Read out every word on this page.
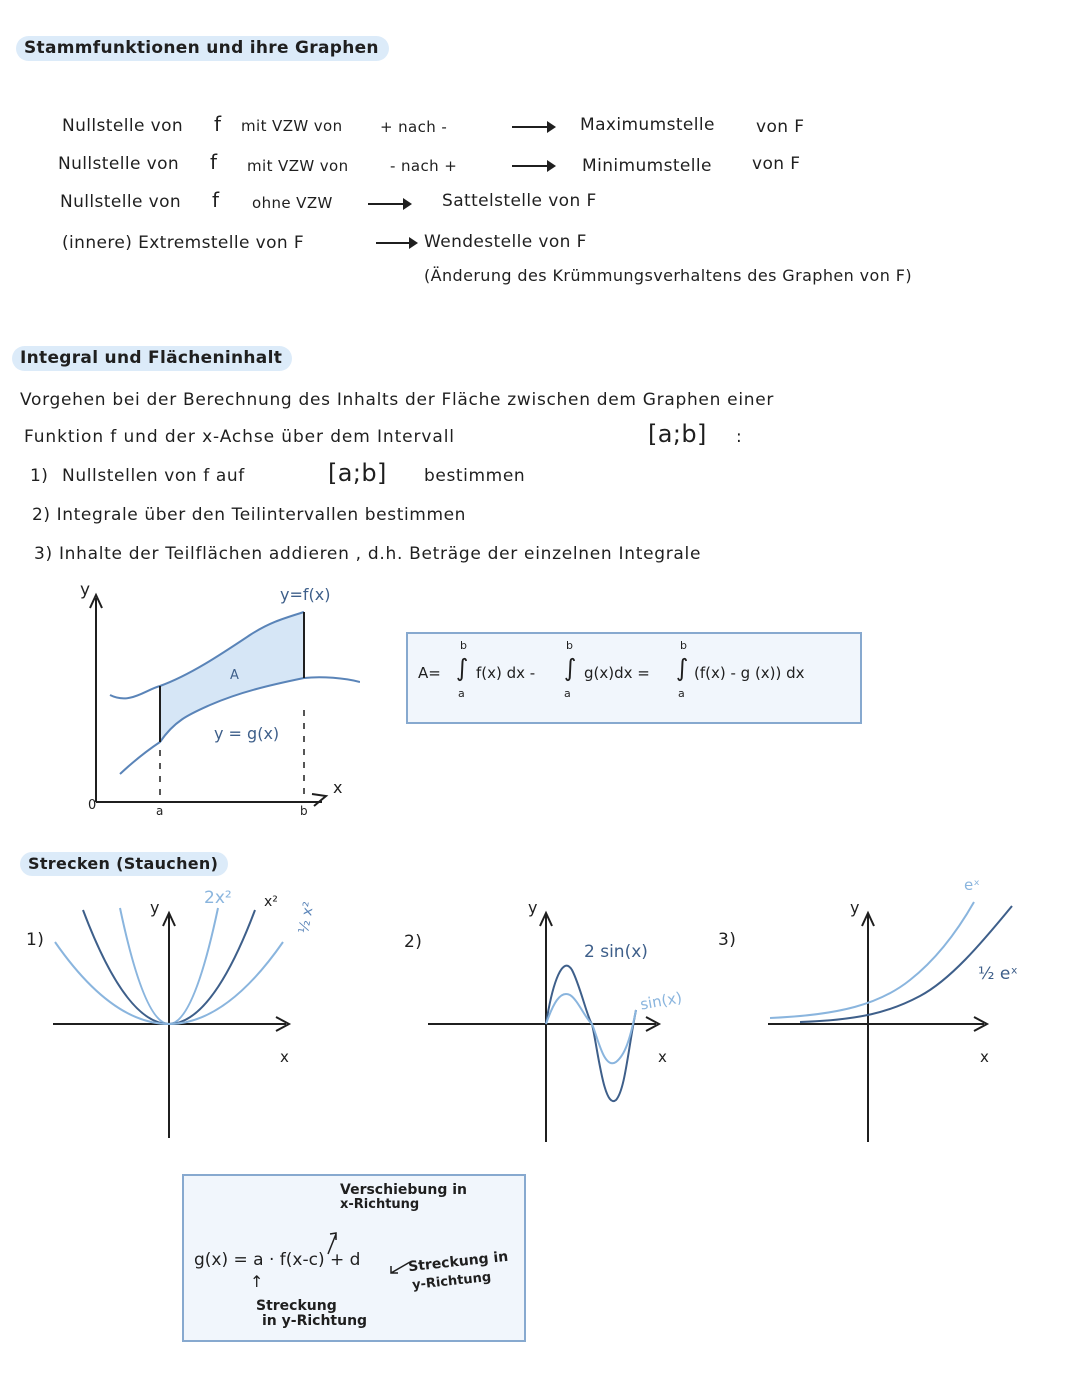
Stammfunktionen und ihre Graphen
Nullstelle von f mit VZW von + nach -	Maximumstelle von F
Nullstelle von f mit VZW von	- nach +	Minimumstelle von F
Nullstelle von f ohne VZW	Sattelstelle von F
(innere) Extremstelle von F	Wendestelle von F
(Änderung des Krümmungsverhaltens des Graphen von F)
Integral und Flächeninhalt
Vorgehen bei der Berechnung des Inhalts der Fläche zwischen dem Graphen einer
Funktion f und der x-Achse über dem Intervall	[a;b] :
1) Nullstellen von f auf	[a;b] bestimmen
2) Integrale über den Teilintervallen bestimmen
3) Inhalte der Teilflächen addieren , d.h. Beträge der einzelnen Integrale
y
x
0
y=f(x)
y = g(x)
A
a	b
A= ∫
b
a
f(x) dx - ∫
b
a
g(x)dx = ∫
b
a
(f(x) - g (x)) dx
Strecken (Stauchen)
1)
y
x
2x² x² ½ x²
2)
y
x
2 sin(x)
sin(x)
3)
y
x
eˣ
½ eˣ
Verschiebung in
x-Richtung
g(x) = a · f(x-c) + d	Streckung in
y-Richtung
↑
Streckung
in y-Richtung
